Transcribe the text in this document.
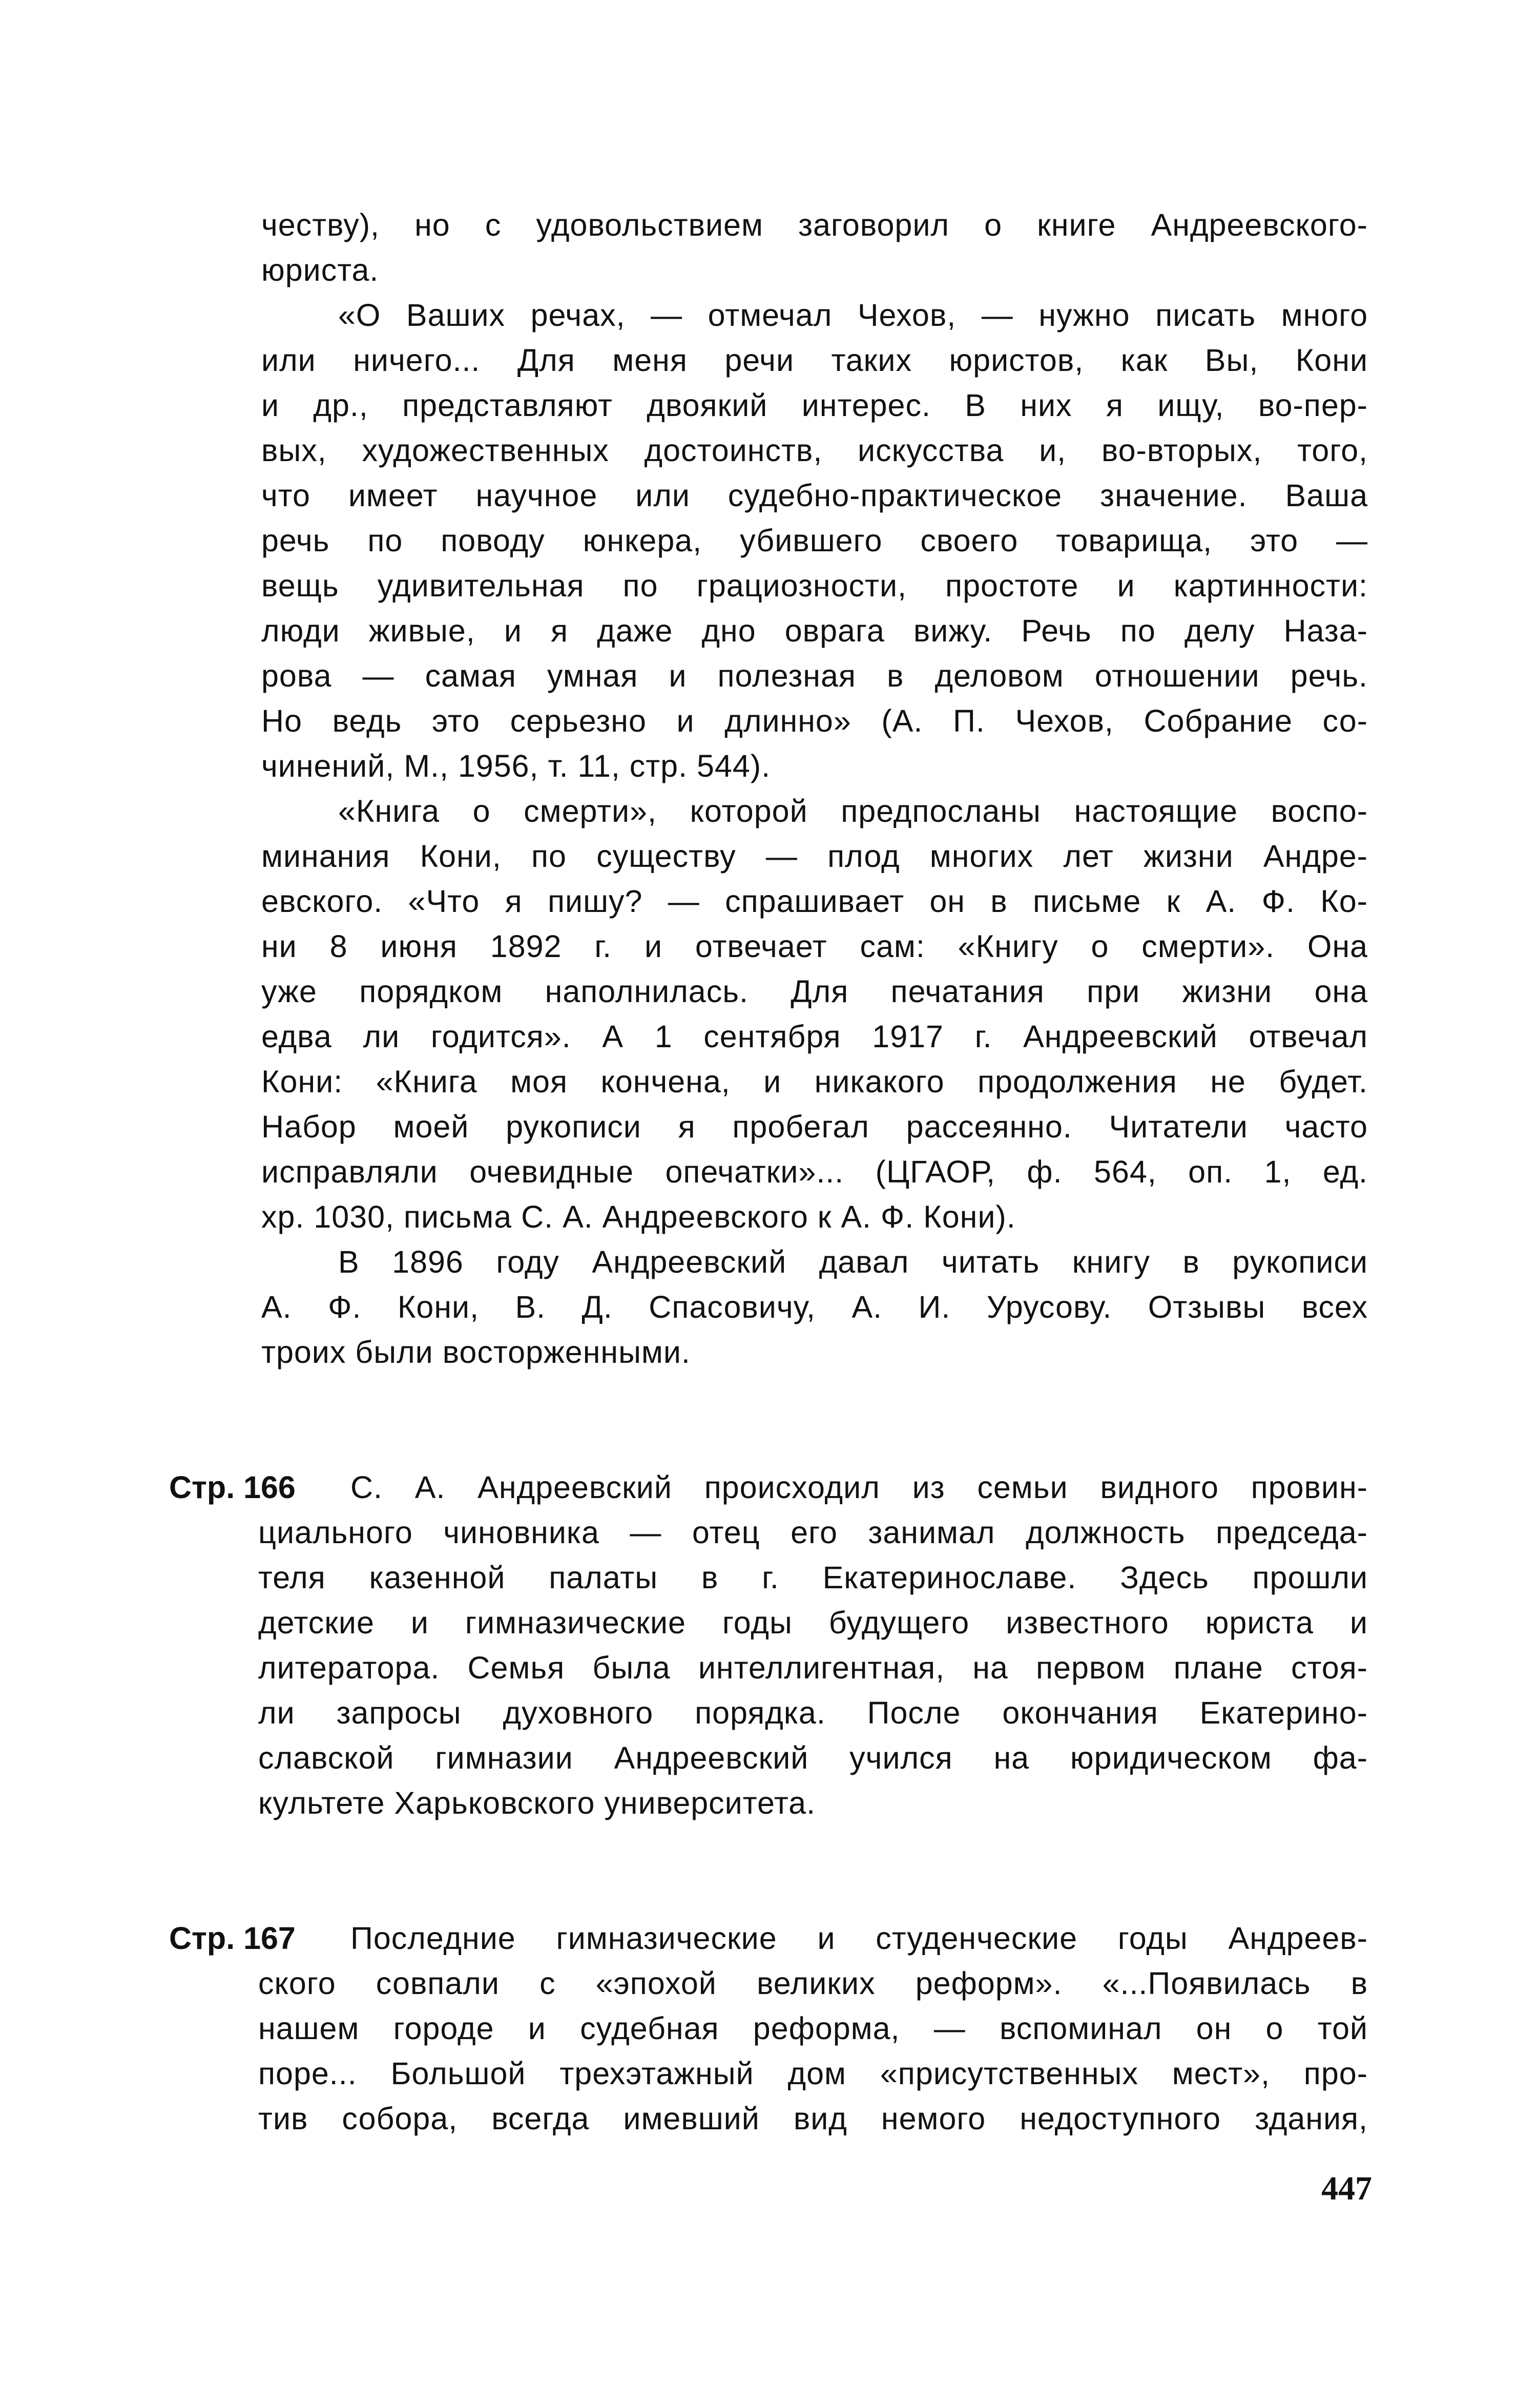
честву), но с удовольствием заговорил о книге Андреевского-
юриста.
«О Ваших речах, — отмечал Чехов, — нужно писать много
или ничего... Для меня речи таких юристов, как Вы, Кони
и др., представляют двоякий интерес. В них я ищу, во-пер-
вых, художественных достоинств, искусства и, во-вторых, того,
что имеет научное или судебно-практическое значение. Ваша
речь по поводу юнкера, убившего своего товарища, это —
вещь удивительная по грациозности, простоте и картинности:
люди живые, и я даже дно оврага вижу. Речь по делу Наза-
рова — самая умная и полезная в деловом отношении речь.
Но ведь это серьезно и длинно» (А. П. Чехов, Собрание со-
чинений, М., 1956, т. 11, стр. 544).
«Книга о смерти», которой предпосланы настоящие воспо-
минания Кони, по существу — плод многих лет жизни Андре-
евского. «Что я пишу? — спрашивает он в письме к А. Ф. Ко-
ни 8 июня 1892 г. и отвечает сам: «Книгу о смерти». Она
уже порядком наполнилась. Для печатания при жизни она
едва ли годится». А 1 сентября 1917 г. Андреевский отвечал
Кони: «Книга моя кончена, и никакого продолжения не будет.
Набор моей рукописи я пробегал рассеянно. Читатели часто
исправляли очевидные опечатки»... (ЦГАОР, ф. 564, оп. 1, ед.
хр. 1030, письма С. А. Андреевского к А. Ф. Кони).
В 1896 году Андреевский давал читать книгу в рукописи
А. Ф. Кони, В. Д. Спасовичу, А. И. Урусову. Отзывы всех
троих были восторженными.
Стр. 166 С. А. Андреевский происходил из семьи видного провин-
циального чиновника — отец его занимал должность председа-
теля казенной палаты в г. Екатеринославе. Здесь прошли
детские и гимназические годы будущего известного юриста и
литератора. Семья была интеллигентная, на первом плане стоя-
ли запросы духовного порядка. После окончания Екатерино-
славской гимназии Андреевский учился на юридическом фа-
культете Харьковского университета.
Стр. 167 Последние гимназические и студенческие годы Андреев-
ского совпали с «эпохой великих реформ». «...Появилась в
нашем городе и судебная реформа, — вспоминал он о той
поре... Большой трехэтажный дом «присутственных мест», про-
тив собора, всегда имевший вид немого недоступного здания,
447
